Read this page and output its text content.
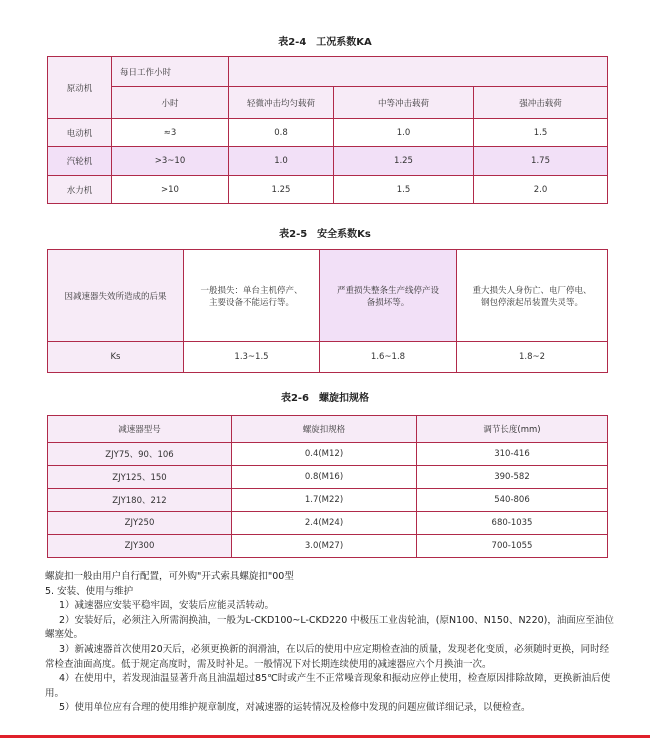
表2-4　工况系数KA
原动机	每日工作小时			
	小时	轻微冲击均匀载荷	中等冲击载荷	强冲击载荷
电动机	≈3	0.8	1.0	1.5
汽轮机	>3~10	1.0	1.25	1.75
水力机	>10	1.25	1.5	2.0
表2-5　安全系数Ks
因减速器失效所造成的后果	一般损失：单台主机停产、主要设备不能运行等。	严重损失整条生产线停产设备损坏等。	重大损失人身伤亡、电厂停电、钢包停滚起吊装置失灵等。
Ks	1.3~1.5	1.6~1.8	1.8~2
表2-6　螺旋扣规格
减速器型号	螺旋扣规格	调节长度(mm)
ZJY75、90、106	0.4(M12)	310-416
ZJY125、150	0.8(M16)	390-582
ZJY180、212	1.7(M22)	540-806
ZJY250	2.4(M24)	680-1035
ZJY300	3.0(M27)	700-1055

螺旋扣一般由用户自行配置，可外购"开式索具螺旋扣"00型

5. 安装、使用与维护

1）减速器应安装平稳牢固，安装后应能灵活转动。

2）安装好后，必须注入所需润换油，一般为L-CKD100~L-CKD220 中极压工业齿轮油，(原N100、N150、N220)，油面应至油位螺塞处。

3）新减速器首次使用20天后，必须更换新的润滑油，在以后的使用中应定期检查油的质量，发现老化变质，必须随时更换，同时经常检查油面高度。低于规定高度时，需及时补足。一般情况下对长期连续使用的减速器应六个月换油一次。

4）在使用中，若发现油温显著升高且油温超过85℃时或产生不正常噪音现象和振动应停止使用，检查原因排除故障，更换新油后使用。

5）使用单位应有合理的使用维护规章制度，对减速器的运转情况及检修中发现的问题应做详细记录，以便检查。
